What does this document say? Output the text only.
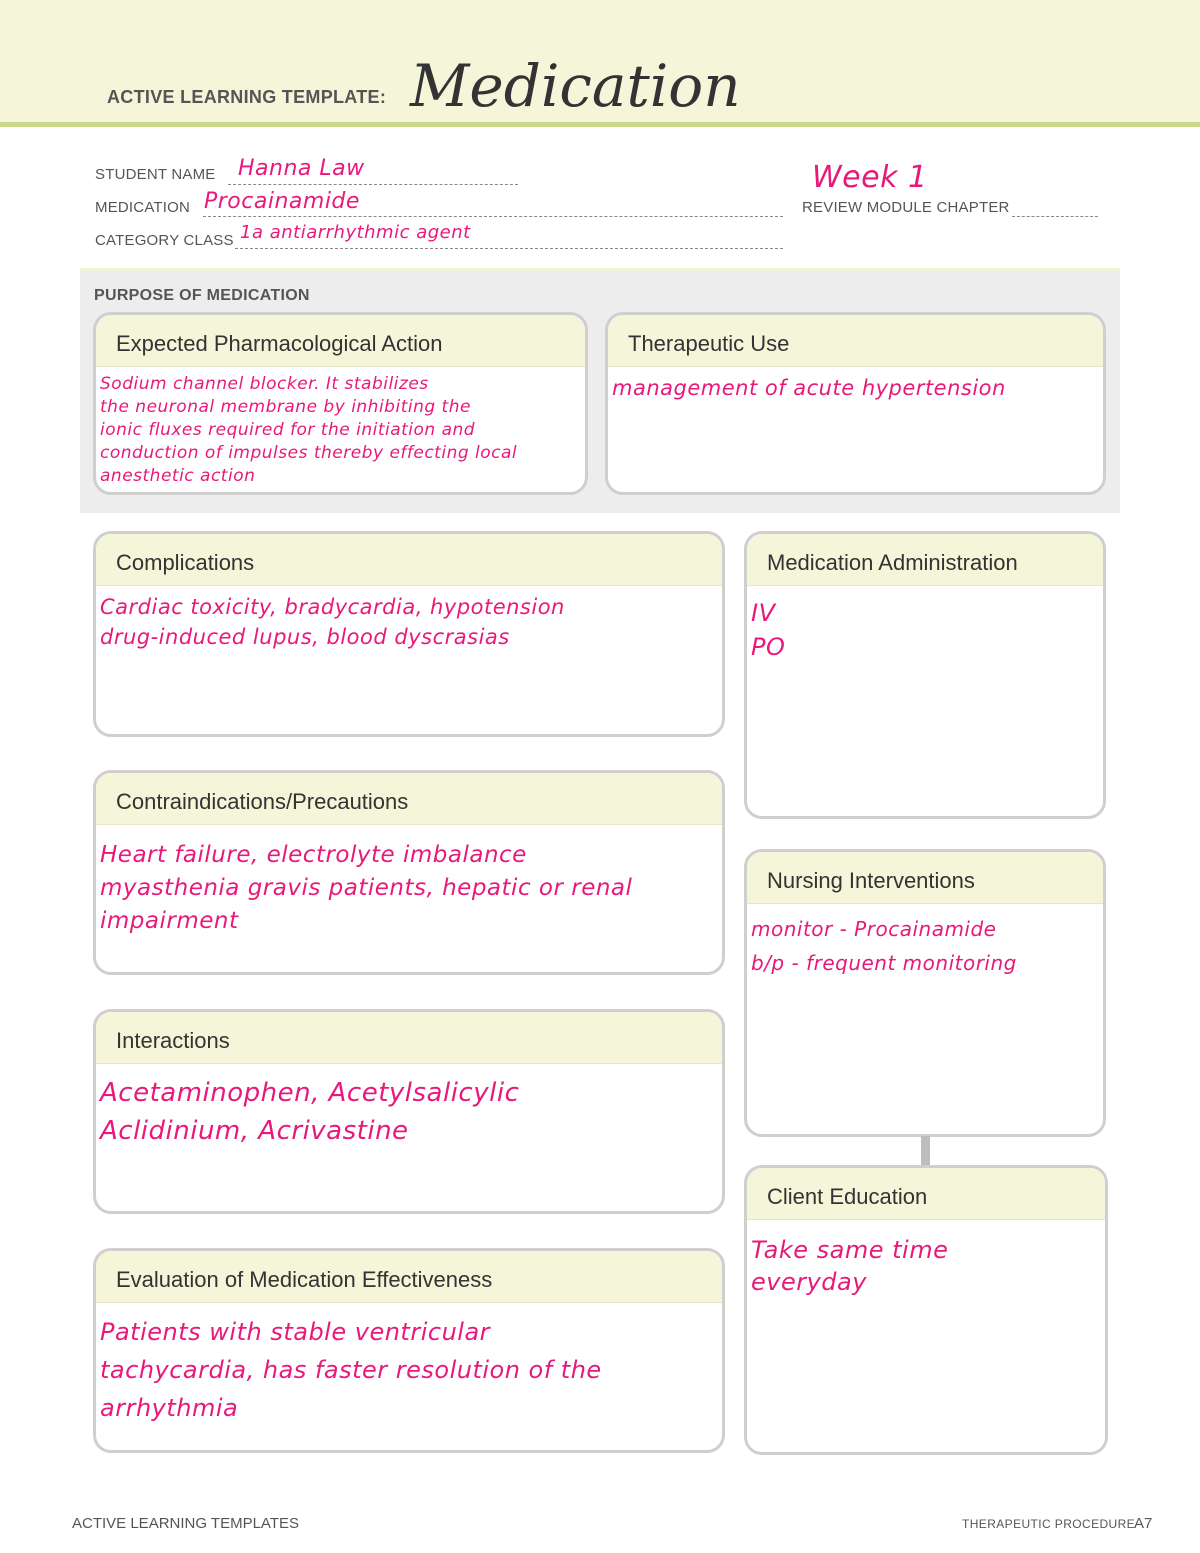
ACTIVE LEARNING TEMPLATE: Medication
STUDENT NAME Hanna Law	Week 1
MEDICATION Procainamide	REVIEW MODULE CHAPTER
CATEGORY CLASS 1a antiarrhythmic agent
PURPOSE OF MEDICATION
Expected Pharmacological Action
Sodium channel blocker. It stabilizes
the neuronal membrane by inhibiting the
ionic fluxes required for the initiation and
conduction of impulses thereby effecting local
anesthetic action
Therapeutic Use
management of acute hypertension
Complications
Cardiac toxicity, bradycardia, hypotension
drug-induced lupus, blood dyscrasias
Medication Administration
IV
PO
Contraindications/Precautions
Heart failure, electrolyte imbalance
myasthenia gravis patients, hepatic or renal
impairment
Nursing Interventions
monitor - Procainamide
b/p - frequent monitoring
Interactions
Acetaminophen, Acetylsalicylic
Aclidinium, Acrivastine
Client Education
Take same time
everyday
Evaluation of Medication Effectiveness
Patients with stable ventricular
tachycardia, has faster resolution of the
arrhythmia
ACTIVE LEARNING TEMPLATES	THERAPEUTIC PROCEDURE
A7
